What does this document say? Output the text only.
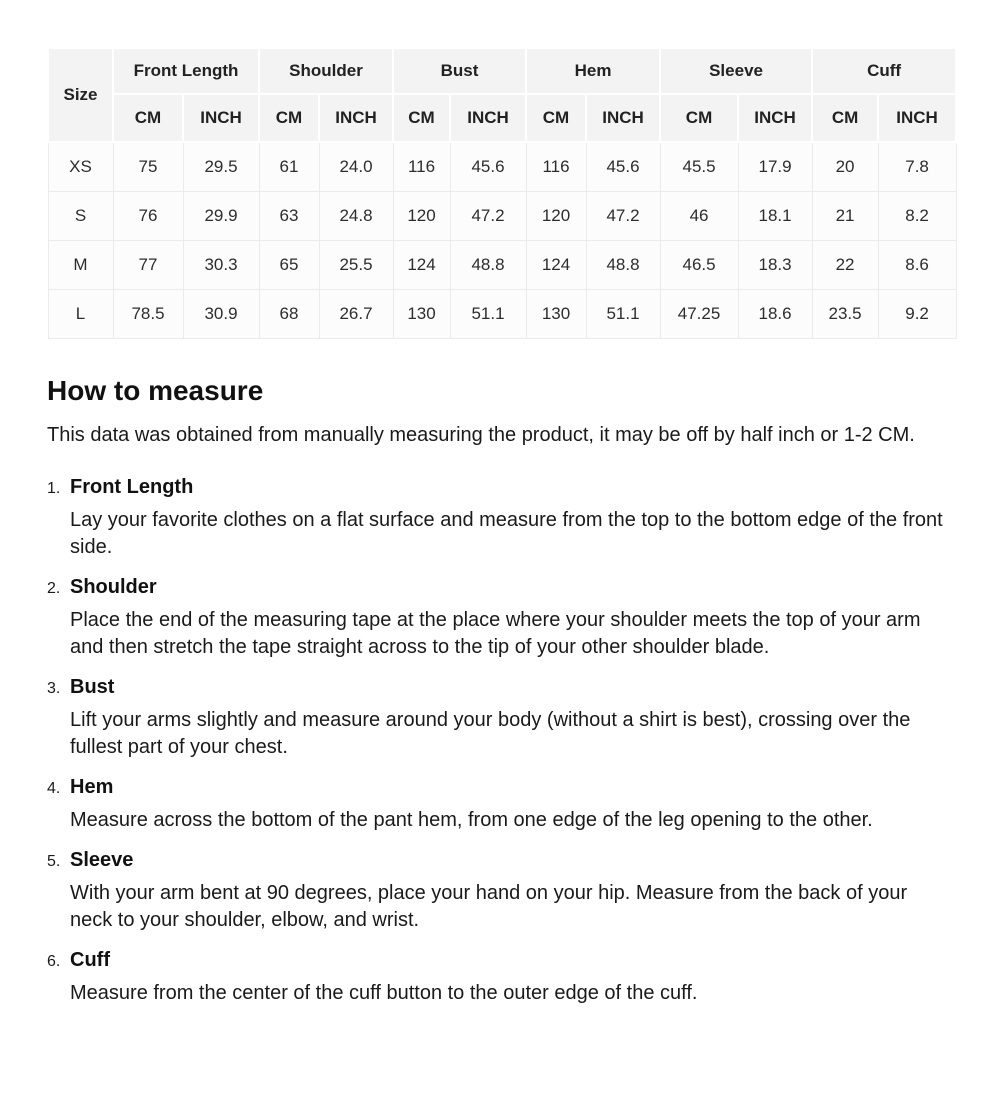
Size	Front Length		Shoulder		Bust		Hem		Sleeve		Cuff	
	CM	INCH	CM	INCH	CM	INCH	CM	INCH	CM	INCH	CM	INCH
XS	75	29.5	61	24.0	116	45.6	116	45.6	45.5	17.9	20	7.8
S	76	29.9	63	24.8	120	47.2	120	47.2	46	18.1	21	8.2
M	77	30.3	65	25.5	124	48.8	124	48.8	46.5	18.3	22	8.6
L	78.5	30.9	68	26.7	130	51.1	130	51.1	47.25	18.6	23.5	9.2
How to measure

This data was obtained from manually measuring the product, it may be off by half inch or 1-2 CM.

1. Front Length

Lay your favorite clothes on a flat surface and measure from the top to the bottom edge of the front side.

2. Shoulder

Place the end of the measuring tape at the place where your shoulder meets the top of your arm and then stretch the tape straight across to the tip of your other shoulder blade.

3. Bust

Lift your arms slightly and measure around your body (without a shirt is best), crossing over the fullest part of your chest.

4. Hem

Measure across the bottom of the pant hem, from one edge of the leg opening to the other.

5. Sleeve

With your arm bent at 90 degrees, place your hand on your hip. Measure from the back of your neck to your shoulder, elbow, and wrist.

6. Cuff

Measure from the center of the cuff button to the outer edge of the cuff.
